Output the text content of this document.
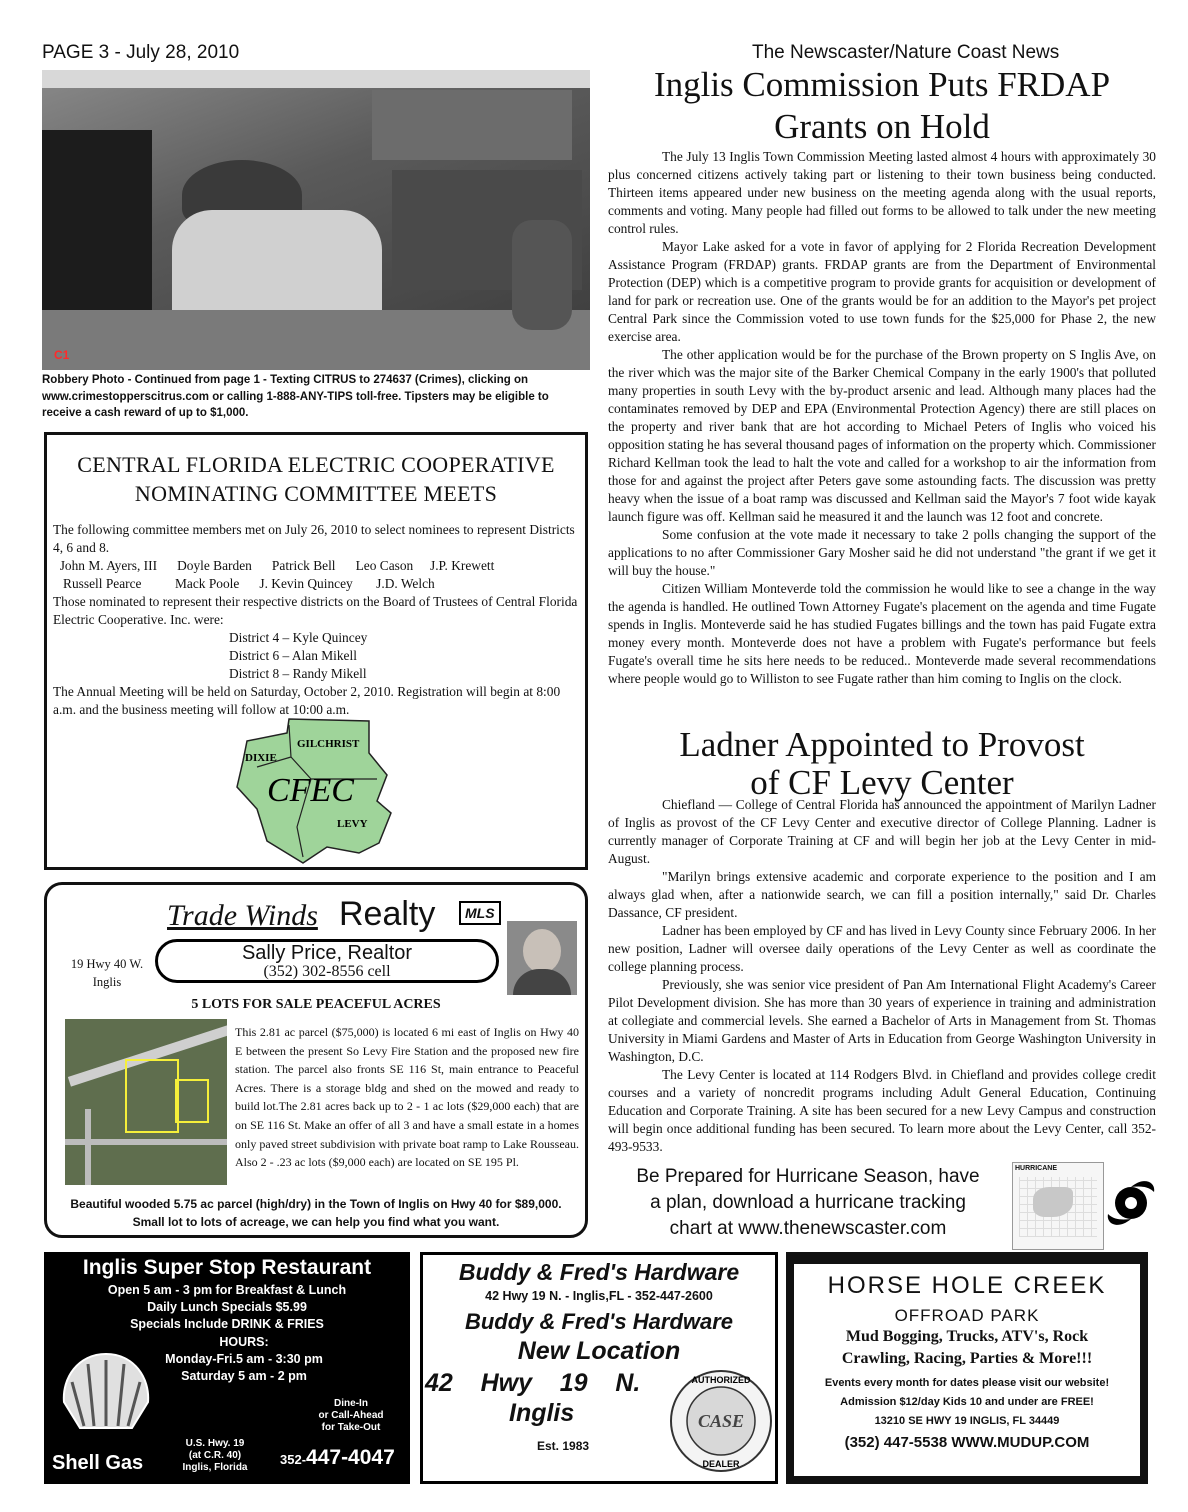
PAGE 3 - July 28, 2010	The Newscaster/Nature Coast News
C1
Robbery Photo - Continued from page 1 - Texting CITRUS to 274637 (Crimes), clicking on www.crimestopperscitrus.com or calling 1-888-ANY-TIPS toll-free. Tipsters may be eligible to receive a cash reward of up to $1,000.
CENTRAL FLORIDA ELECTRIC COOPERATIVE
NOMINATING COMMITTEE MEETS

The following committee members met on July 26, 2010 to select nominees to represent Districts 4, 6 and 8.

John M. Ayers, III      Doyle Barden      Patrick Bell      Leo Cason     J.P. Krewett

Russell Pearce          Mack Poole      J. Kevin Quincey       J.D. Welch

Those nominated to represent their respective districts on the Board of Trustees of Central Florida Electric Cooperative. Inc. were:

District 4 – Kyle Quincey

District 6 – Alan Mikell

District 8 – Randy Mikell

The Annual Meeting will be held on Saturday, October 2, 2010. Registration will begin at 8:00 a.m. and the business meeting will follow at 10:00 a.m.

DIXIE
GILCHRIST
LEVY
CFEC
Trade Winds Realty	MLS
19 Hwy 40 W.
Inglis
Sally Price, Realtor
(352) 302-8556 cell
5 LOTS FOR SALE PEACEFUL ACRES
This 2.81 ac parcel ($75,000) is located 6 mi east of Inglis on Hwy 40 E between the present So Levy Fire Station and the proposed new fire station. The parcel also fronts SE 116 St, main entrance to Peaceful Acres. There is a storage bldg and shed on the mowed and ready to build lot.The 2.81 acres back up to 2 - 1 ac lots ($29,000 each) that are on SE 116 St. Make an offer of all 3 and have a small estate in a homes only paved street subdivision with private boat ramp to Lake Rousseau. Also 2 - .23 ac lots ($9,000 each) are located on SE 195 Pl.
Beautiful wooded 5.75 ac parcel (high/dry) in the Town of Inglis on Hwy 40 for $89,000.
Small lot to lots of acreage, we can help you find what you want.
Inglis Super Stop Restaurant
Open 5 am - 3 pm for Breakfast & Lunch
Daily Lunch Specials $5.99
Specials Include DRINK & FRIES
HOURS:
Monday-Fri.5 am - 3:30 pm
Saturday 5 am - 2 pm
Dine-In
or Call-Ahead
for Take-Out
U.S. Hwy. 19
(at C.R. 40)
Inglis, Florida
352-447-4047
Shell Gas
Buddy & Fred's Hardware
42 Hwy 19 N. - Inglis,FL - 352-447-2600
Buddy & Fred's Hardware
New Location
42    Hwy    19    N.
Inglis
Est. 1983
AUTHORIZED
CASE
DEALER
HORSE HOLE CREEK
OFFROAD PARK
Mud Bogging, Trucks, ATV's, Rock
Crawling, Racing, Parties & More!!!
Events every month for dates please visit our website!
Admission $12/day Kids 10 and under are FREE!
13210 SE HWY 19 INGLIS, FL 34449
(352) 447-5538 WWW.MUDUP.COM
Inglis Commission Puts FRDAP
Grants on Hold

The July 13 Inglis Town Commission Meeting lasted almost 4 hours with approximately 30 plus concerned citizens actively taking part or listening to their town business being conducted. Thirteen items appeared under new business on the meeting agenda along with the usual reports, comments and voting. Many people had filled out forms to be allowed to talk under the new meeting control rules.

Mayor Lake asked for a vote in favor of applying for 2 Florida Recreation Development Assistance Program (FRDAP) grants. FRDAP grants are from the Department of Environmental Protection (DEP) which is a competitive program to provide grants for acquisition or development of land for park or recreation use. One of the grants would be for an addition to the Mayor's pet project Central Park since the Commission voted to use town funds for the $25,000 for Phase 2, the new exercise area.

The other application would be for the purchase of the Brown property on S Inglis Ave, on the river which was the major site of the Barker Chemical Company in the early 1900's that polluted many properties in south Levy with the by-product arsenic and lead. Although many places had the contaminates removed by DEP and EPA (Environmental Protection Agency) there are still places on the property and river bank that are hot according to Michael Peters of Inglis who voiced his opposition stating he has several thousand pages of information on the property which. Commissioner Richard Kellman took the lead to halt the vote and called for a workshop to air the information from those for and against the project after Peters gave some astounding facts. The discussion was pretty heavy when the issue of a boat ramp was discussed and Kellman said the Mayor's 7 foot wide kayak launch figure was off. Kellman said he measured it and the launch was 12 foot and concrete.

Some confusion at the vote made it necessary to take 2 polls changing the support of the applications to no after Commissioner Gary Mosher said he did not understand "the grant if we get it will buy the house."

Citizen William Monteverde told the commission he would like to see a change in the way the agenda is handled. He outlined Town Attorney Fugate's placement on the agenda and time Fugate spends in Inglis. Monteverde said he has studied Fugates billings and the town has paid Fugate extra money every month. Monteverde does not have a problem with Fugate's performance but feels Fugate's overall time he sits here needs to be reduced.. Monteverde made several recommendations where people would go to Williston to see Fugate rather than him coming to Inglis on the clock.

Ladner Appointed to Provost
of CF Levy Center

Chiefland — College of Central Florida has announced the appointment of Marilyn Ladner of Inglis as provost of the CF Levy Center and executive director of College Planning. Ladner is currently manager of Corporate Training at CF and will begin her job at the Levy Center in mid-August.

"Marilyn brings extensive academic and corporate experience to the position and I am always glad when, after a nationwide search, we can fill a position internally," said Dr. Charles Dassance, CF president.

Ladner has been employed by CF and has lived in Levy County since February 2006. In her new position, Ladner will oversee daily operations of the Levy Center as well as coordinate the college planning process.

Previously, she was senior vice president of Pan Am International Flight Academy's Career Pilot Development division. She has more than 30 years of experience in training and administration at collegiate and commercial levels. She earned a Bachelor of Arts in Management from St. Thomas University in Miami Gardens and Master of Arts in Education from George Washington University in Washington, D.C.

The Levy Center is located at 114 Rodgers Blvd. in Chiefland and provides college credit courses and a variety of noncredit programs including Adult General Education, Continuing Education and Corporate Training. A site has been secured for a new Levy Campus and construction will begin once additional funding has been secured. To learn more about the Levy Center, call 352-493-9533.

Be Prepared for Hurricane Season, have
a plan, download a hurricane tracking
chart at www.thenewscaster.com
HURRICANE
